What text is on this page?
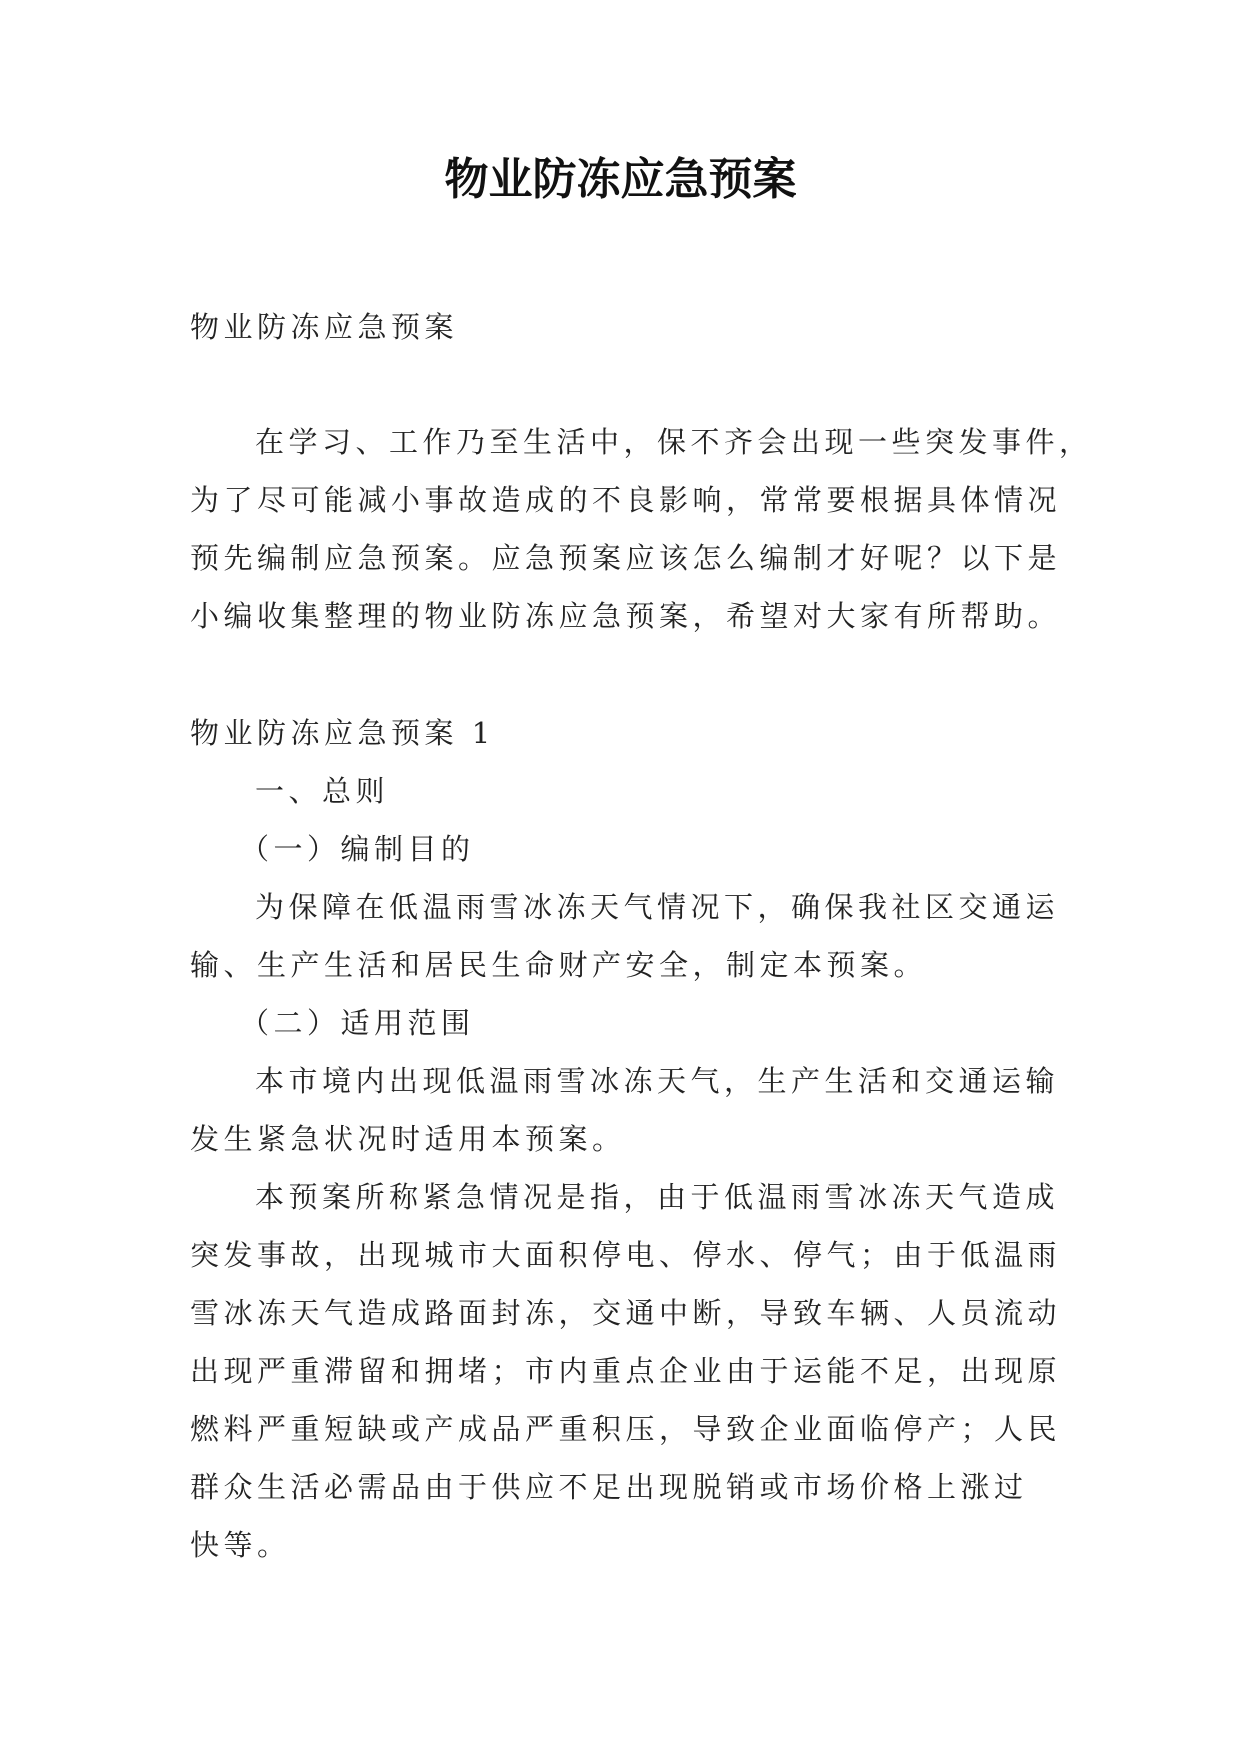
物业防冻应急预案

物业防冻应急预案

在学习、工作乃至生活中，保不齐会出现一些突发事件，
为了尽可能减小事故造成的不良影响，常常要根据具体情况
预先编制应急预案。应急预案应该怎么编制才好呢？以下是
小编收集整理的物业防冻应急预案，希望对大家有所帮助。

物业防冻应急预案 1

一、总则

（一）编制目的

为保障在低温雨雪冰冻天气情况下，确保我社区交通运
输、生产生活和居民生命财产安全，制定本预案。

（二）适用范围

本市境内出现低温雨雪冰冻天气，生产生活和交通运输
发生紧急状况时适用本预案。
本预案所称紧急情况是指，由于低温雨雪冰冻天气造成
突发事故，出现城市大面积停电、停水、停气；由于低温雨
雪冰冻天气造成路面封冻，交通中断，导致车辆、人员流动
出现严重滞留和拥堵；市内重点企业由于运能不足，出现原
燃料严重短缺或产成品严重积压，导致企业面临停产；人民
群众生活必需品由于供应不足出现脱销或市场价格上涨过
快等。
